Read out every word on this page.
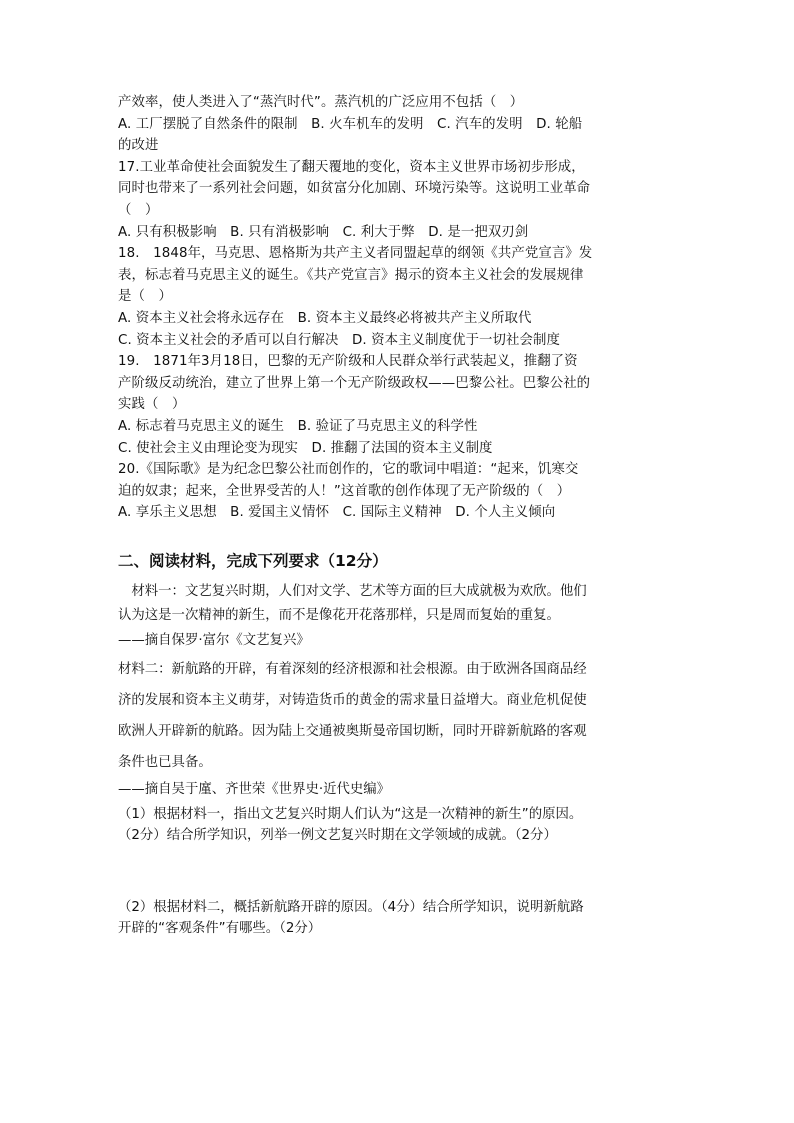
产效率，使人类进入了“蒸汽时代”。蒸汽机的广泛应用不包括（　）
A. 工厂摆脱了自然条件的限制　B. 火车机车的发明　C. 汽车的发明　D. 轮船
的改进
17.工业革命使社会面貌发生了翻天覆地的变化，资本主义世界市场初步形成，
同时也带来了一系列社会问题，如贫富分化加剧、环境污染等。这说明工业革命
（　）
A. 只有积极影响　B. 只有消极影响　C. 利大于弊　D. 是一把双刃剑
18.　1848年，马克思、恩格斯为共产主义者同盟起草的纲领《共产党宣言》发
表，标志着马克思主义的诞生。《共产党宣言》揭示的资本主义社会的发展规律
是（　）
A. 资本主义社会将永远存在　B. 资本主义最终必将被共产主义所取代
C. 资本主义社会的矛盾可以自行解决　D. 资本主义制度优于一切社会制度
19.　1871年3月18日，巴黎的无产阶级和人民群众举行武装起义，推翻了资
产阶级反动统治，建立了世界上第一个无产阶级政权——巴黎公社。巴黎公社的
实践（　）
A. 标志着马克思主义的诞生　B. 验证了马克思主义的科学性
C. 使社会主义由理论变为现实　D. 推翻了法国的资本主义制度
20.《国际歌》是为纪念巴黎公社而创作的，它的歌词中唱道：“起来，饥寒交
迫的奴隶；起来，全世界受苦的人！”这首歌的创作体现了无产阶级的（　）
A. 享乐主义思想　B. 爱国主义情怀　C. 国际主义精神　D. 个人主义倾向
二、阅读材料，完成下列要求（12分）
　材料一：文艺复兴时期，人们对文学、艺术等方面的巨大成就极为欢欣。他们
认为这是一次精神的新生，而不是像花开花落那样，只是周而复始的重复。
——摘自保罗·富尔《文艺复兴》
材料二：新航路的开辟，有着深刻的经济根源和社会根源。由于欧洲各国商品经
济的发展和资本主义萌芽，对铸造货币的黄金的需求量日益增大。商业危机促使
欧洲人开辟新的航路。因为陆上交通被奥斯曼帝国切断，同时开辟新航路的客观
条件也已具备。
——摘自吴于廑、齐世荣《世界史·近代史编》
（1）根据材料一，指出文艺复兴时期人们认为“这是一次精神的新生”的原因。
（2分）结合所学知识，列举一例文艺复兴时期在文学领域的成就。（2分）
（2）根据材料二，概括新航路开辟的原因。（4分）结合所学知识，说明新航路
开辟的“客观条件”有哪些。（2分）
